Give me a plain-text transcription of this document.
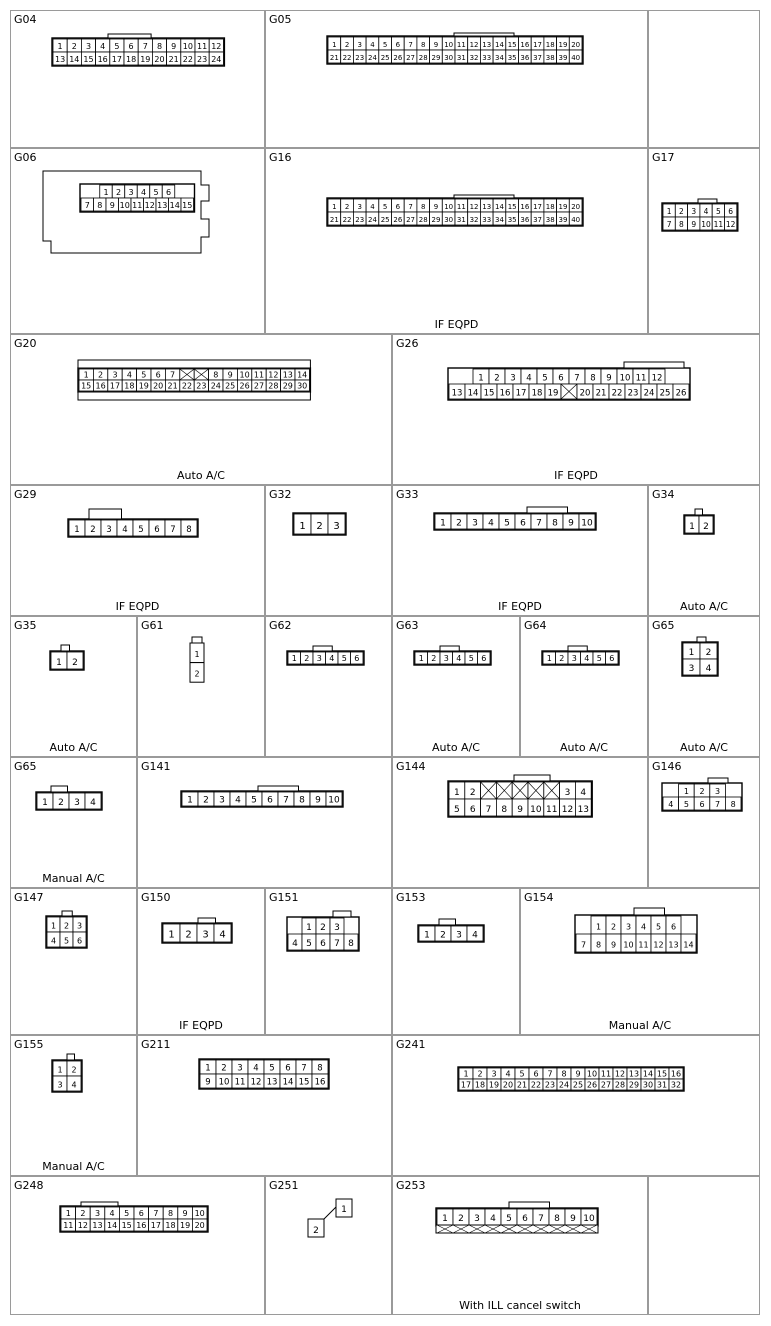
G04
1 2 3 4 5 6 7 8 9 10 11 12
13 14 15 16 17 18 19 20 21 22 23 24
G05
1 2 3 4 5 6 7 8 9 10 11 12 13 14 15 16 17 18 19 20
21 22 23 24 25 26 27 28 29 30 31 32 33 34 35 36 37 38 39 40
G06
1 2 3 4 5 6
7 8 9 10 11 12 13 14 15
G16
IF EQPD
1 2 3 4 5 6 7 8 9 10 11 12 13 14 15 16 17 18 19 20
21 22 23 24 25 26 27 28 29 30 31 32 33 34 35 36 37 38 39 40
G17
1 2 3 4 5 6
7 8 9 10 11 12
G20
Auto A/C
1 2 3 4 5 6 7	8 9 10 11 12 13 14
15 16 17 18 19 20 21 22 23 24 25 26 27 28 29 30
G26
IF EQPD
1 2 3 4 5 6 7 8 9 10 11 12
13 14 15 16 17 18 19 20 21 22 23 24 25 26
G29
IF EQPD
1 2 3 4 5 6 7 8
G32
1 2 3
G33
IF EQPD
1 2 3 4 5 6 7 8 9 10
G34
Auto A/C
1 2
G35
Auto A/C
1 2
G61
1
2
G62
1 2 3 4 5 6
G63
Auto A/C
1 2 3 4 5 6
G64
Auto A/C
1 2 3 4 5 6
G65
Auto A/C
1 2
3 4
G65
Manual A/C
1 2 3 4
G141
1 2 3 4 5 6 7 8 9 10
G144
1 2	3 4
5 6 7 8 9 10 11 12 13
G146
1 2 3
4 5 6 7 8
G147
1 2 3
4 5 6
G150
IF EQPD
1 2 3 4
G151
1 2 3
4 5 6 7 8
G153
1 2 3 4
G154
Manual A/C
1 2 3 4 5 6
7 8 9 10 11 12 13 14
G155
Manual A/C
1 2
3 4
G211
1 2 3 4 5 6 7 8
9 10 11 12 13 14 15 16
G241
1 2 3 4 5 6 7 8 9 10 11 12 13 14 15 16
17 18 19 20 21 22 23 24 25 26 27 28 29 30 31 32
G248
1 2 3 4 5 6 7 8 9 10
11 12 13 14 15 16 17 18 19 20
G251
1
2
G253
With ILL cancel switch
1 2 3 4 5 6 7 8 9 10
